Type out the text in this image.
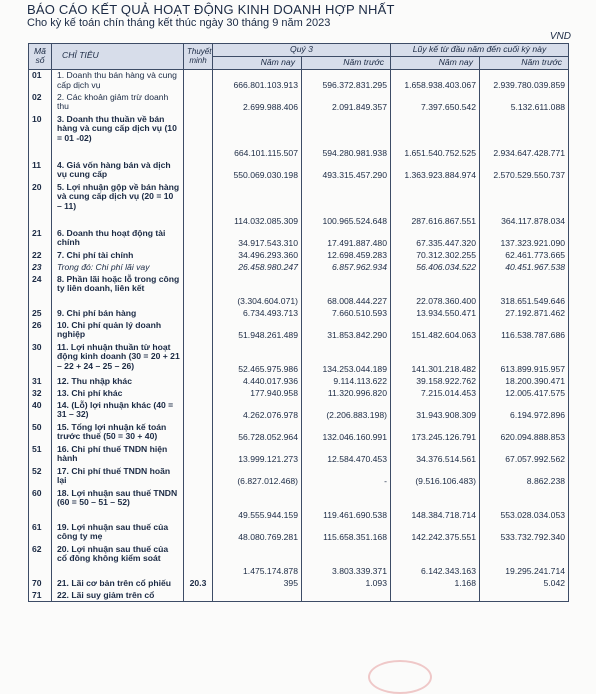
BÁO CÁO KẾT QUẢ HOẠT ĐỘNG KINH DOANH HỢP NHẤT
Cho kỳ kế toán chín tháng kết thúc ngày 30 tháng 9 năm 2023
VND
Mã số	CHỈ TIÊU	Thuyết minh	Quý 3		Lũy kế từ đầu năm đến cuối kỳ này	
			Năm nay	Năm trước	Năm nay	Năm trước
01	1. Doanh thu bán hàng và cung cấp dịch vụ		666.801.103.913	596.372.831.295	1.658.938.403.067	2.939.780.039.859
02	2. Các khoản giảm trừ doanh thu		2.699.988.406	2.091.849.357	7.397.650.542	5.132.611.088
10	3. Doanh thu thuần về bán hàng và cung cấp dịch vụ (10 = 01 -02)		664.101.115.507	594.280.981.938	1.651.540.752.525	2.934.647.428.771
11	4. Giá vốn hàng bán và dịch vụ cung cấp		550.069.030.198	493.315.457.290	1.363.923.884.974	2.570.529.550.737
20	5. Lợi nhuận gộp về bán hàng và cung cấp dịch vụ (20 = 10 – 11)		114.032.085.309	100.965.524.648	287.616.867.551	364.117.878.034
21	6. Doanh thu hoạt động tài chính		34.917.543.310	17.491.887.480	67.335.447.320	137.323.921.090
22	7. Chi phí tài chính		34.496.293.360	12.698.459.283	70.312.302.255	62.461.773.665
23	Trong đó: Chi phí lãi vay		26.458.980.247	6.857.962.934	56.406.034.522	40.451.967.538
24	8. Phần lãi hoặc lỗ trong công ty liên doanh, liên kết		(3.304.604.071)	68.008.444.227	22.078.360.400	318.651.549.646
25	9. Chi phí bán hàng		6.734.493.713	7.660.510.593	13.934.550.471	27.192.871.462
26	10. Chi phí quản lý doanh nghiệp		51.948.261.489	31.853.842.290	151.482.604.063	116.538.787.686
30	11. Lợi nhuận thuần từ hoạt động kinh doanh (30 = 20 + 21 – 22 + 24 – 25 – 26)		52.465.975.986	134.253.044.189	141.301.218.482	613.899.915.957
31	12. Thu nhập khác		4.440.017.936	9.114.113.622	39.158.922.762	18.200.390.471
32	13. Chi phí khác		177.940.958	11.320.996.820	7.215.014.453	12.005.417.575
40	14. (Lỗ) lợi nhuận khác (40 = 31 – 32)		4.262.076.978	(2.206.883.198)	31.943.908.309	6.194.972.896
50	15. Tổng lợi nhuận kế toán trước thuế (50 = 30 + 40)		56.728.052.964	132.046.160.991	173.245.126.791	620.094.888.853
51	16. Chi phí thuế TNDN hiện hành		13.999.121.273	12.584.470.453	34.376.514.561	67.057.992.562
52	17. Chi phí thuế TNDN hoãn lại		(6.827.012.468)	-	(9.516.106.483)	8.862.238
60	18. Lợi nhuận sau thuế TNDN (60 = 50 – 51 – 52)		49.555.944.159	119.461.690.538	148.384.718.714	553.028.034.053
61	19. Lợi nhuận sau thuế của công ty mẹ		48.080.769.281	115.658.351.168	142.242.375.551	533.732.792.340
62	20. Lợi nhuận sau thuế của cổ đông không kiểm soát		1.475.174.878	3.803.339.371	6.142.343.163	19.295.241.714
70	21. Lãi cơ bản trên cổ phiếu	20.3	395	1.093	1.168	5.042
71	22. Lãi suy giảm trên cổ					
